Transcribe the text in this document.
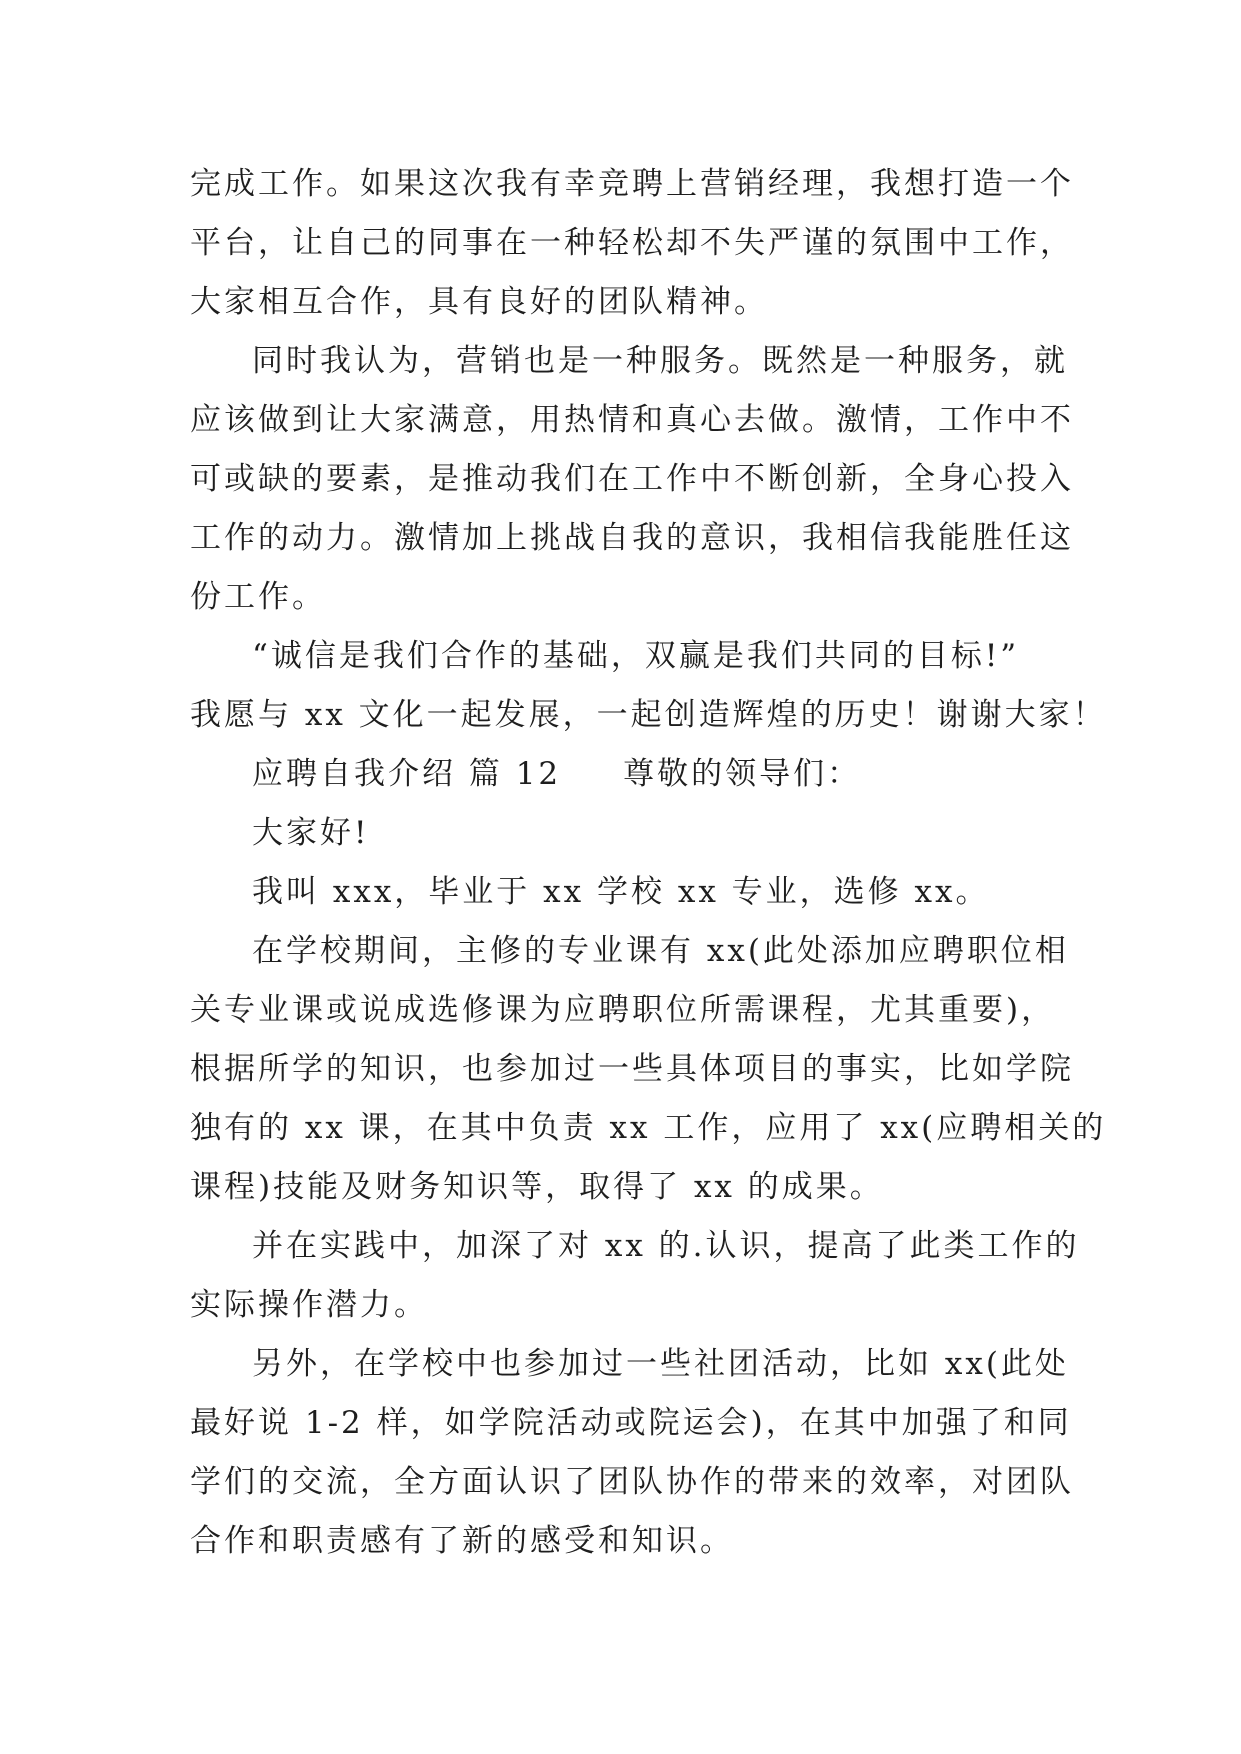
完成工作。如果这次我有幸竞聘上营销经理，我想打造一个

平台，让自己的同事在一种轻松却不失严谨的氛围中工作，

大家相互合作，具有良好的团队精神。

同时我认为，营销也是一种服务。既然是一种服务，就

应该做到让大家满意，用热情和真心去做。激情，工作中不

可或缺的要素，是推动我们在工作中不断创新，全身心投入

工作的动力。激情加上挑战自我的意识，我相信我能胜任这

份工作。

“诚信是我们合作的基础，双赢是我们共同的目标!”

我愿与 xx 文化一起发展，一起创造辉煌的历史！谢谢大家！

应聘自我介绍 篇 12 尊敬的领导们：

大家好!

我叫 xxx，毕业于 xx 学校 xx 专业，选修 xx。

在学校期间，主修的专业课有 xx(此处添加应聘职位相

关专业课或说成选修课为应聘职位所需课程，尤其重要)，

根据所学的知识，也参加过一些具体项目的事实，比如学院

独有的 xx 课，在其中负责 xx 工作，应用了 xx(应聘相关的

课程)技能及财务知识等，取得了 xx 的成果。

并在实践中，加深了对 xx 的.认识，提高了此类工作的

实际操作潜力。

另外，在学校中也参加过一些社团活动，比如 xx(此处

最好说 1-2 样，如学院活动或院运会)，在其中加强了和同

学们的交流，全方面认识了团队协作的带来的效率，对团队

合作和职责感有了新的感受和知识。
